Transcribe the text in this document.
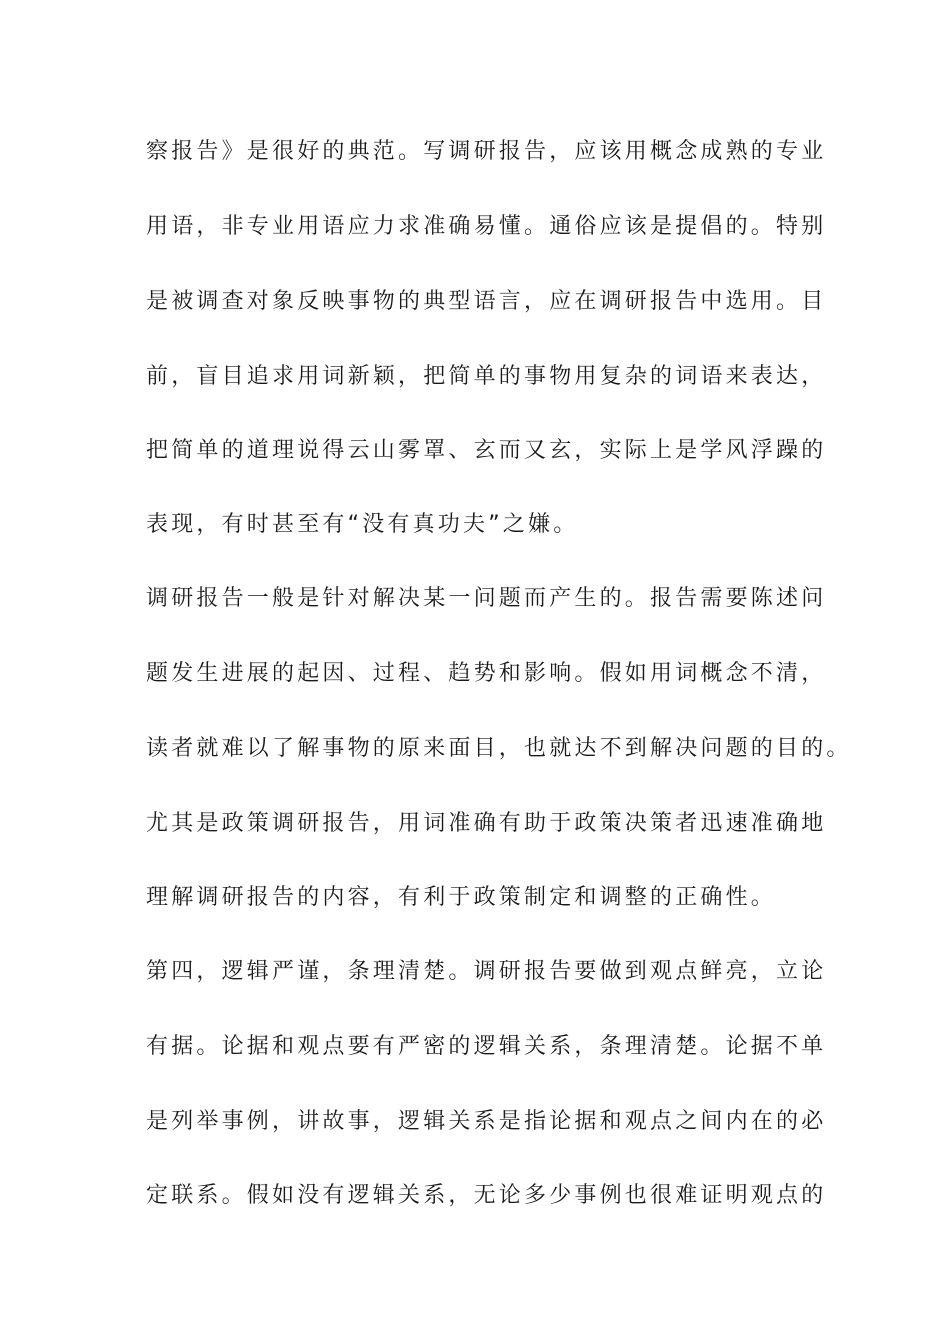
察报告》是很好的典范。写调研报告，应该用概念成熟的专业
用语，非专业用语应力求准确易懂。通俗应该是提倡的。特别
是被调查对象反映事物的典型语言，应在调研报告中选用。目
前，盲目追求用词新颖，把简单的事物用复杂的词语来表达，
把简单的道理说得云山雾罩、玄而又玄，实际上是学风浮躁的
表现，有时甚至有“没有真功夫”之嫌。
调研报告一般是针对解决某一问题而产生的。报告需要陈述问
题发生进展的起因、过程、趋势和影响。假如用词概念不清，
读者就难以了解事物的原来面目，也就达不到解决问题的目的。
尤其是政策调研报告，用词准确有助于政策决策者迅速准确地
理解调研报告的内容，有利于政策制定和调整的正确性。
第四，逻辑严谨，条理清楚。调研报告要做到观点鲜亮，立论
有据。论据和观点要有严密的逻辑关系，条理清楚。论据不单
是列举事例，讲故事，逻辑关系是指论据和观点之间内在的必
定联系。假如没有逻辑关系，无论多少事例也很难证明观点的
